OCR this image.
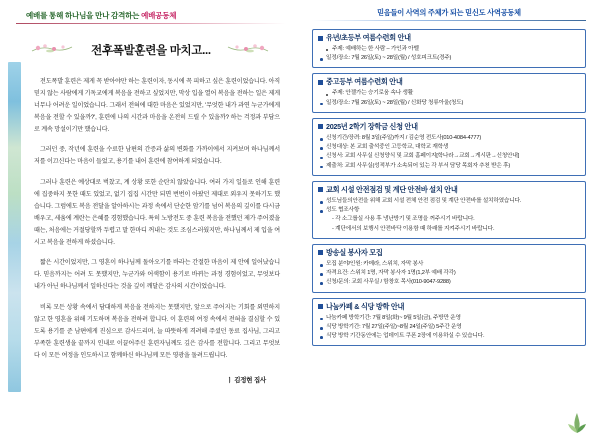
예배를 통해 하나님을 만나 감격하는 예배공동체
전후폭발훈련을 마치고...

전도폭발 훈련은 제게 꼭 받아야만 하는 훈련이자, 동시에 꼭 피하고 싶은 훈련이었습니다. 아직 믿지 않는 사람에게 기독교에게 복음을 전하고 싶었지만, 막상 입을 열어 복음을 전하는 일은 제게 너무나 어려운 일이었습니다. 그래서 전혀에 대한 마음은 있었지만, '무엇한 내가 과연 누군가에게 복음을 전할 수 있을까?', 훈련에 나의 시간과 마음을 온전히 드릴 수 있을까? 하는 걱정과 부담으로 계속 망설이기만 했습니다.

그러던 중, 작년에 훈련을 수료한 남편의 간증과 삶의 변화를 가까이에서 지켜보며 하나님께서 저를 이끄신다는 마음이 들었고, 용기를 내어 훈련에 참여하게 되었습니다.

그러나 훈련은 예상대로 벅찼고, 계 상황 또한 순탄치 않았습니다. 여러 가지 일들로 인해 훈련에 집중하지 못한 때도 있었고, 없기 집집 시간만 되면 번번이 아팠던 제대로 외우지 못하기도 했습니다. 그럼에도 복음 전달을 알아하시는 과정 속에서 단순한 암기를 넘어 복음의 깊이를 다시금 배우고, 세움에 계란는 은혜를 경험했습니다. 특히 노방전도 중 훈련 복음을 전했던 제가 주어졌을 때는, 처음에는 거절당할까 두렵고 말 한마디 꺼내는 것도 조심스러웠지만, 하나님께서 제 입을 여시고 복음을 전하게 하셨습니다.

짧은 시간이었지만, 그 영혼이 하나님께 돌아오기를 바라는 간절한 마음이 제 안에 일어났습니다. 믿음까지는 어려 도 못했지만, 누군가와 어색함이 용기로 바뀌는 과정 경험이었고, 무엇보다 내가 아닌 하나님께서 일하신다는 것을 깊이 깨달은 감사의 시간이었습니다.

비록 모든 상황 속에서 담대하게 복음을 전하지는 못했지만, 앞으로 주어지는 기회를 외면하지 않고 한 영혼을 위해 기도하며 복음을 전하려 합니다. 이 훈련의 여정 속에서 전혀을 결심할 수 있도록 용기를 준 남편에게 진심으로 감사드리며, 늘 따뜻하게 격려해 주셨던 동료 집사님, 그리고 부족한 훈련생을 끝까지 인내로 이끌어주신 훈련자님께도 깊은 감사를 전합니다. 그리고 무엇보다 이 모든 여정을 인도하시고 함께하신 하나님께 모든 영광을 돌려드립니다.

ㅣ 김정현 집사
믿음들이 사역의 주체가 되는 믿신도 사역공동체
유년/초등부 여름수련회 안내
주제: 예배하는 한 사람 – 가인과 아벨
일정/장소: 7월 26일(토) ~ 28일(월) / 성호피크트(경주)
중고등부 여름수련회 안내
주제: 안젤가는 승기로움 속나 생활
일정/장소: 7월 26일(토) ~ 28일(월) / 신화당 청류아울(청도)
2025년 2학기 장학금 신청 안내
신청기간/장려: 8월 3일(주일)까지 / 김순영 전도사(010-4084-4777)
신청대상: 본 교회 출석중인 고등학교, 대학교 재학생
신청서: 교회 사무실 신청양식 및 교회 홈페이지[학나라→교회→게시판→신청안내]
제출처: 교회 사무실(성적부가 소속되어 있는 각 부서 담당 목회자 추천 받은 후)
교회 시설 안전점검 및 계단 안전바 설치 안내
성도님들의안전을 위해 교회 시설 전체 안전 점검 및 계단 안전바를 설치하였습니다.
성도 협조사항
- 각 소그룹실 사용 후 냉난방기 및 조명을 꺼주시기 바랍니다.
- 계단에서의 보행시 안전바닥 이용함 때 하래를 지켜주시기 바랍니다.
방송실 봉사자 모집
모집 분야/인원: 카메라, 스위치, 자막 봉사
자격요건: 스위치 1명, 자막 봉사자 1명(1,2부 예배 각각)
신청/문의: 교회 사무실 / 함창호 목사(010-9047-9288)
나눔카페 & 식당 방학 안내
나눔카페 방학기간: 7월 8일(화)~ 9월 5일(금), 주방만 운영
식당 방학기간: 7월 27일(주일)~8월 24일(주일) 5주간 운영
식당 방학 기간동안에는 업데이트 쿠폰 2장에 이용하실 수 있습니다.
